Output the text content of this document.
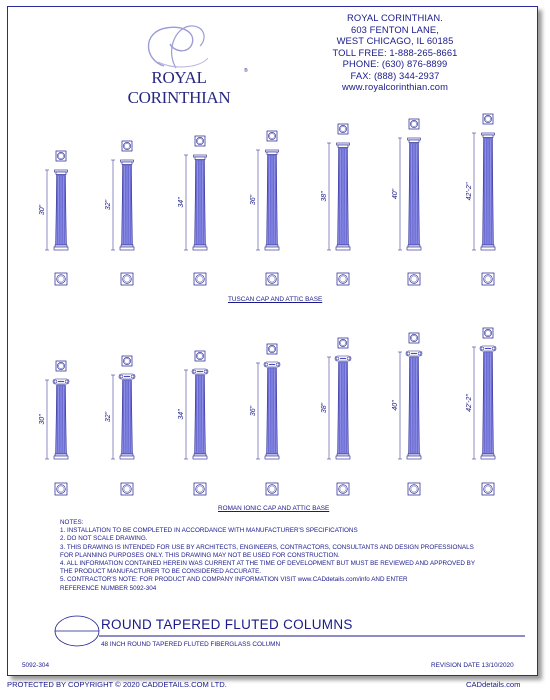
ROYAL CORINTHIAN
®
ROYAL CORINTHIAN.
603 FENTON LANE,
WEST CHICAGO, IL 60185
TOLL FREE: 1-888-265-8661
PHONE: (630) 876-8899
FAX: (888) 344-2937
www.royalcorinthian.com
30"	32"	34"	36"	38"	40"	42'-2"
30"	32"	34"	36"	38"	40"	42'-2"
TUSCAN CAP AND ATTIC BASE
ROMAN IONIC CAP AND ATTIC BASE
NOTES:
1. INSTALLATION TO BE COMPLETED IN ACCORDANCE WITH MANUFACTURER'S SPECIFICATIONS
2. DO NOT SCALE DRAWING.
3. THIS DRAWING IS INTENDED FOR USE BY ARCHITECTS, ENGINEERS, CONTRACTORS, CONSULTANTS AND DESIGN PROFESSIONALS
FOR PLANNING PURPOSES ONLY. THIS DRAWING MAY NOT BE USED FOR CONSTRUCTION.
4. ALL INFORMATION CONTAINED HEREIN WAS CURRENT AT THE TIME OF DEVELOPMENT BUT MUST BE REVIEWED AND APPROVED BY
THE PRODUCT MANUFACTURER TO BE CONSIDERED ACCURATE.
5. CONTRACTOR'S NOTE: FOR PRODUCT AND COMPANY INFORMATION VISIT www.CADdetails.com/info AND ENTER
REFERENCE NUMBER 5092-304
ROUND TAPERED FLUTED COLUMNS
48 INCH ROUND TAPERED FLUTED FIBERGLASS COLUMN
5092-304	REVISION DATE 13/10/2020
PROTECTED BY COPYRIGHT © 2020 CADDETAILS.COM LTD.	CADdetails.com
